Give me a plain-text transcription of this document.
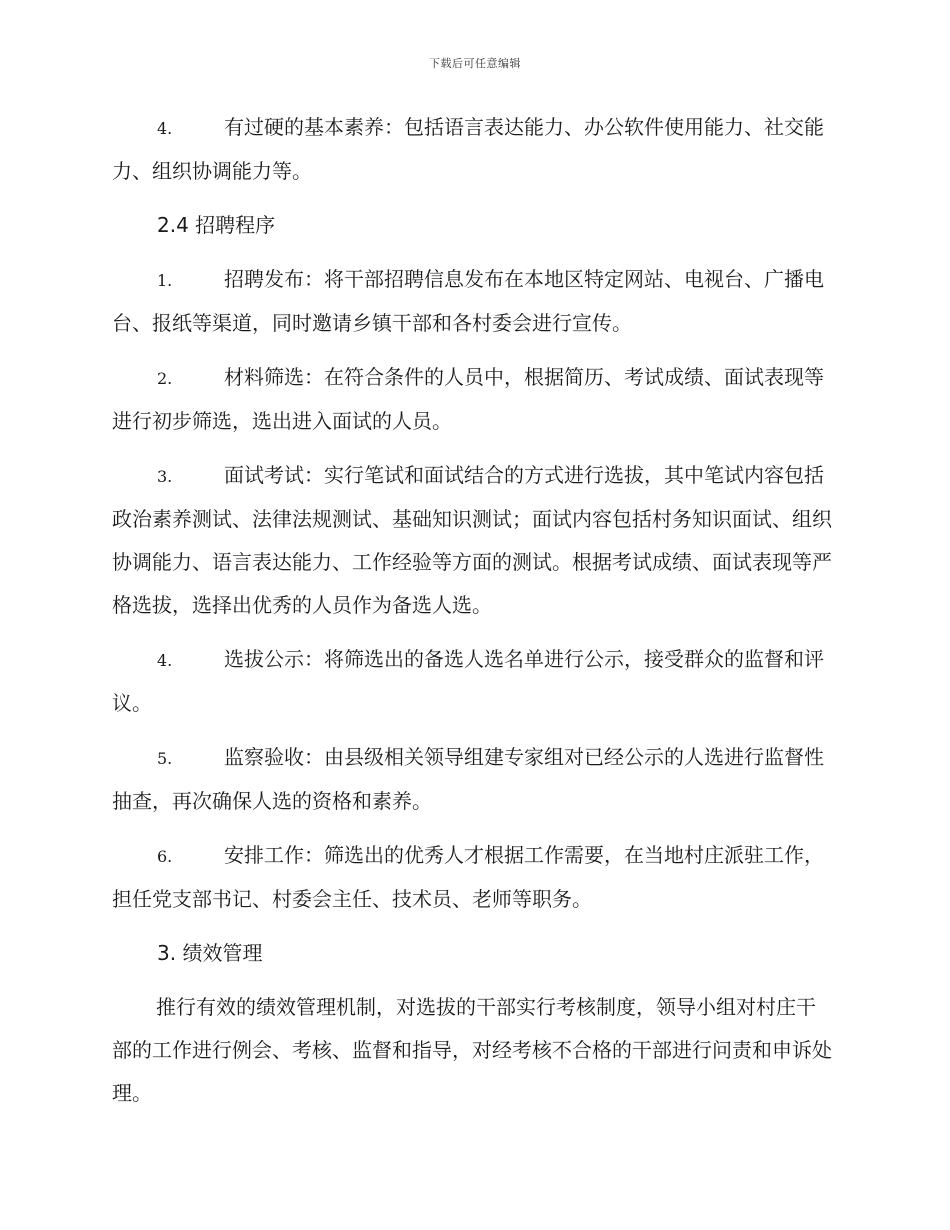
下载后可任意编辑

4.	有过硬的基本素养：包括语言表达能力、办公软件使用能力、社交能力、组织协调能力等。

2.4 招聘程序

1.	招聘发布：将干部招聘信息发布在本地区特定网站、电视台、广播电台、报纸等渠道，同时邀请乡镇干部和各村委会进行宣传。

2.	材料筛选：在符合条件的人员中，根据简历、考试成绩、面试表现等进行初步筛选，选出进入面试的人员。

3.	面试考试：实行笔试和面试结合的方式进行选拔，其中笔试内容包括政治素养测试、法律法规测试、基础知识测试；面试内容包括村务知识面试、组织协调能力、语言表达能力、工作经验等方面的测试。根据考试成绩、面试表现等严格选拔，选择出优秀的人员作为备选人选。

4.	选拔公示：将筛选出的备选人选名单进行公示，接受群众的监督和评议。

5.	监察验收：由县级相关领导组建专家组对已经公示的人选进行监督性抽查，再次确保人选的资格和素养。

6.	安排工作：筛选出的优秀人才根据工作需要，在当地村庄派驻工作，担任党支部书记、村委会主任、技术员、老师等职务。

3. 绩效管理

推行有效的绩效管理机制，对选拔的干部实行考核制度，领导小组对村庄干部的工作进行例会、考核、监督和指导，对经考核不合格的干部进行问责和申诉处理。
